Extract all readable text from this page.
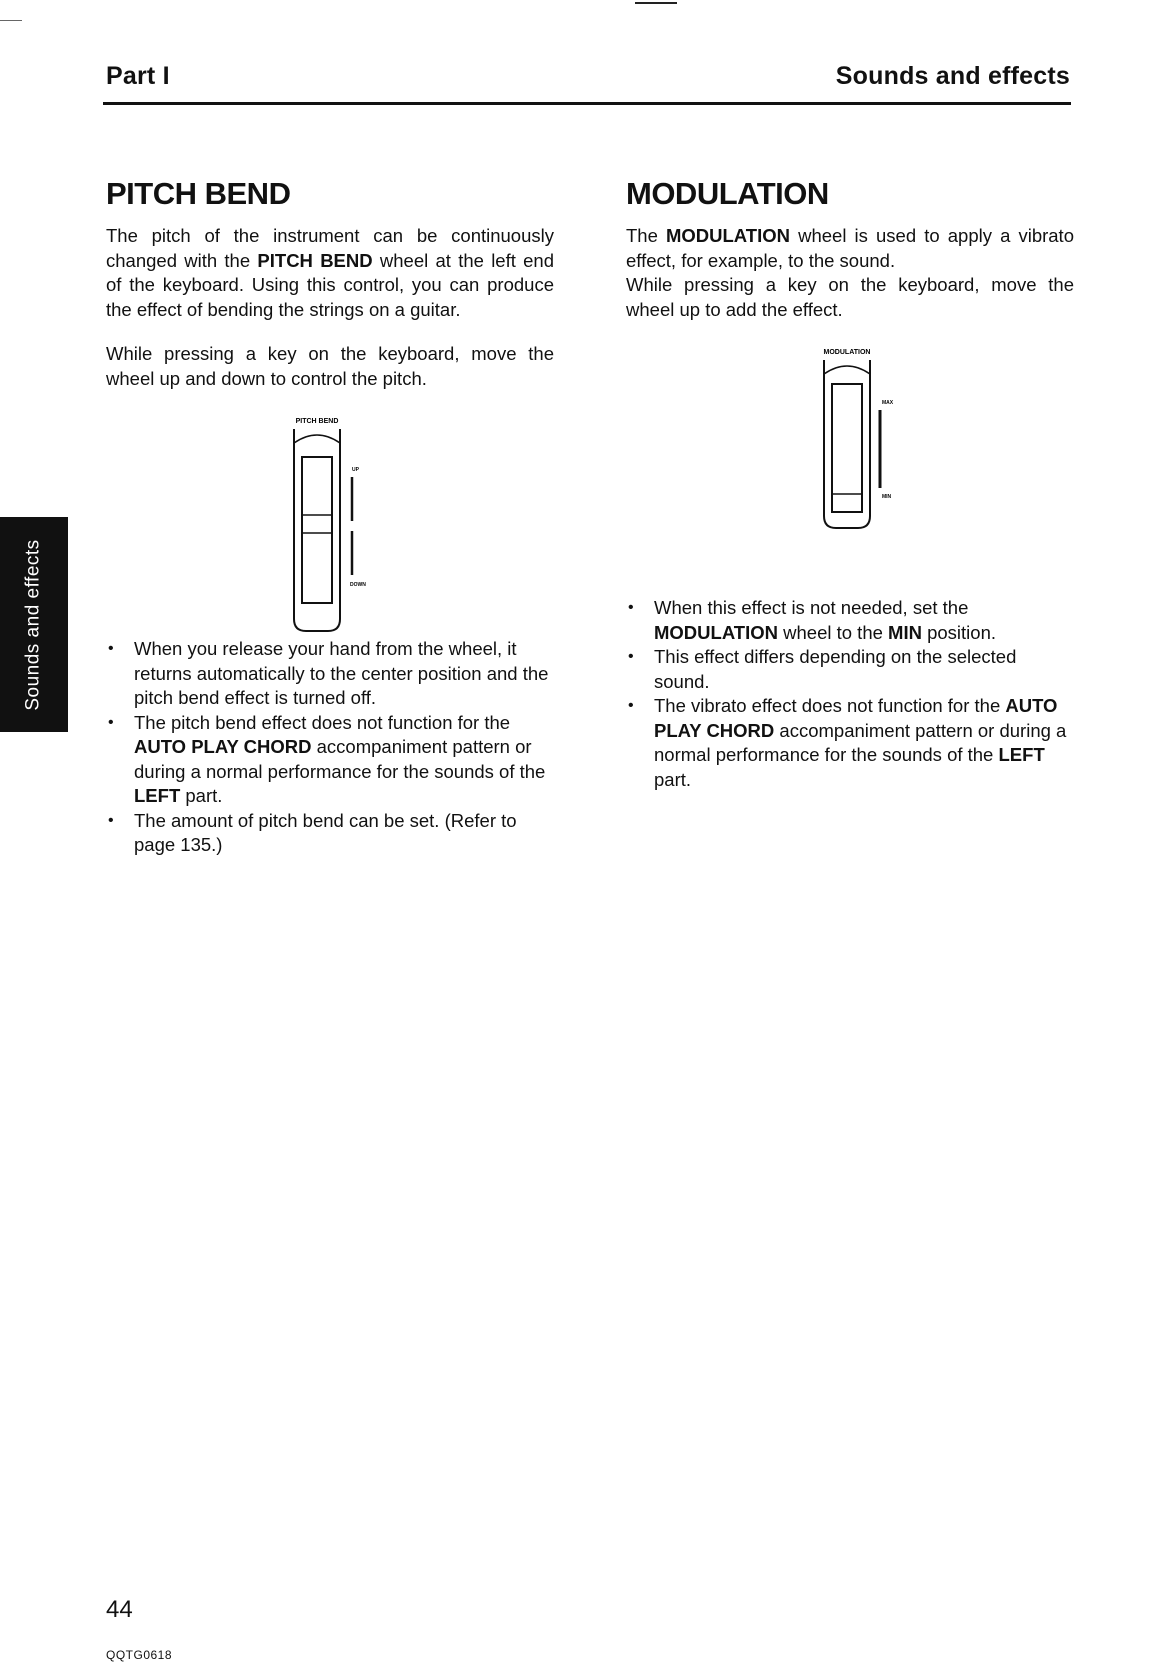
Part I	Sounds and effects
Sounds and effects
PITCH BEND

The pitch of the instrument can be continuously changed with the PITCH BEND wheel at the left end of the keyboard. Using this control, you can produce the effect of bending the strings on a guitar.

While pressing a key on the keyboard, move the wheel up and down to control the pitch.

PITCH BEND
UP
DOWN
• When you release your hand from the wheel, it returns automatically to the center position and the pitch bend effect is turned off.
• The pitch bend effect does not function for the AUTO PLAY CHORD accompaniment pattern or during a normal performance for the sounds of the LEFT part.
• The amount of pitch bend can be set. (Refer to page 135.)
MODULATION

The MODULATION wheel is used to apply a vibrato effect, for example, to the sound.

While pressing a key on the keyboard, move the wheel up to add the effect.

MODULATION
MAX
MIN
• When this effect is not needed, set the MODULATION wheel to the MIN position.
• This effect differs depending on the selected sound.
• The vibrato effect does not function for the AUTO PLAY CHORD accompaniment pattern or during a normal performance for the sounds of the LEFT part.
44
QQTG0618
